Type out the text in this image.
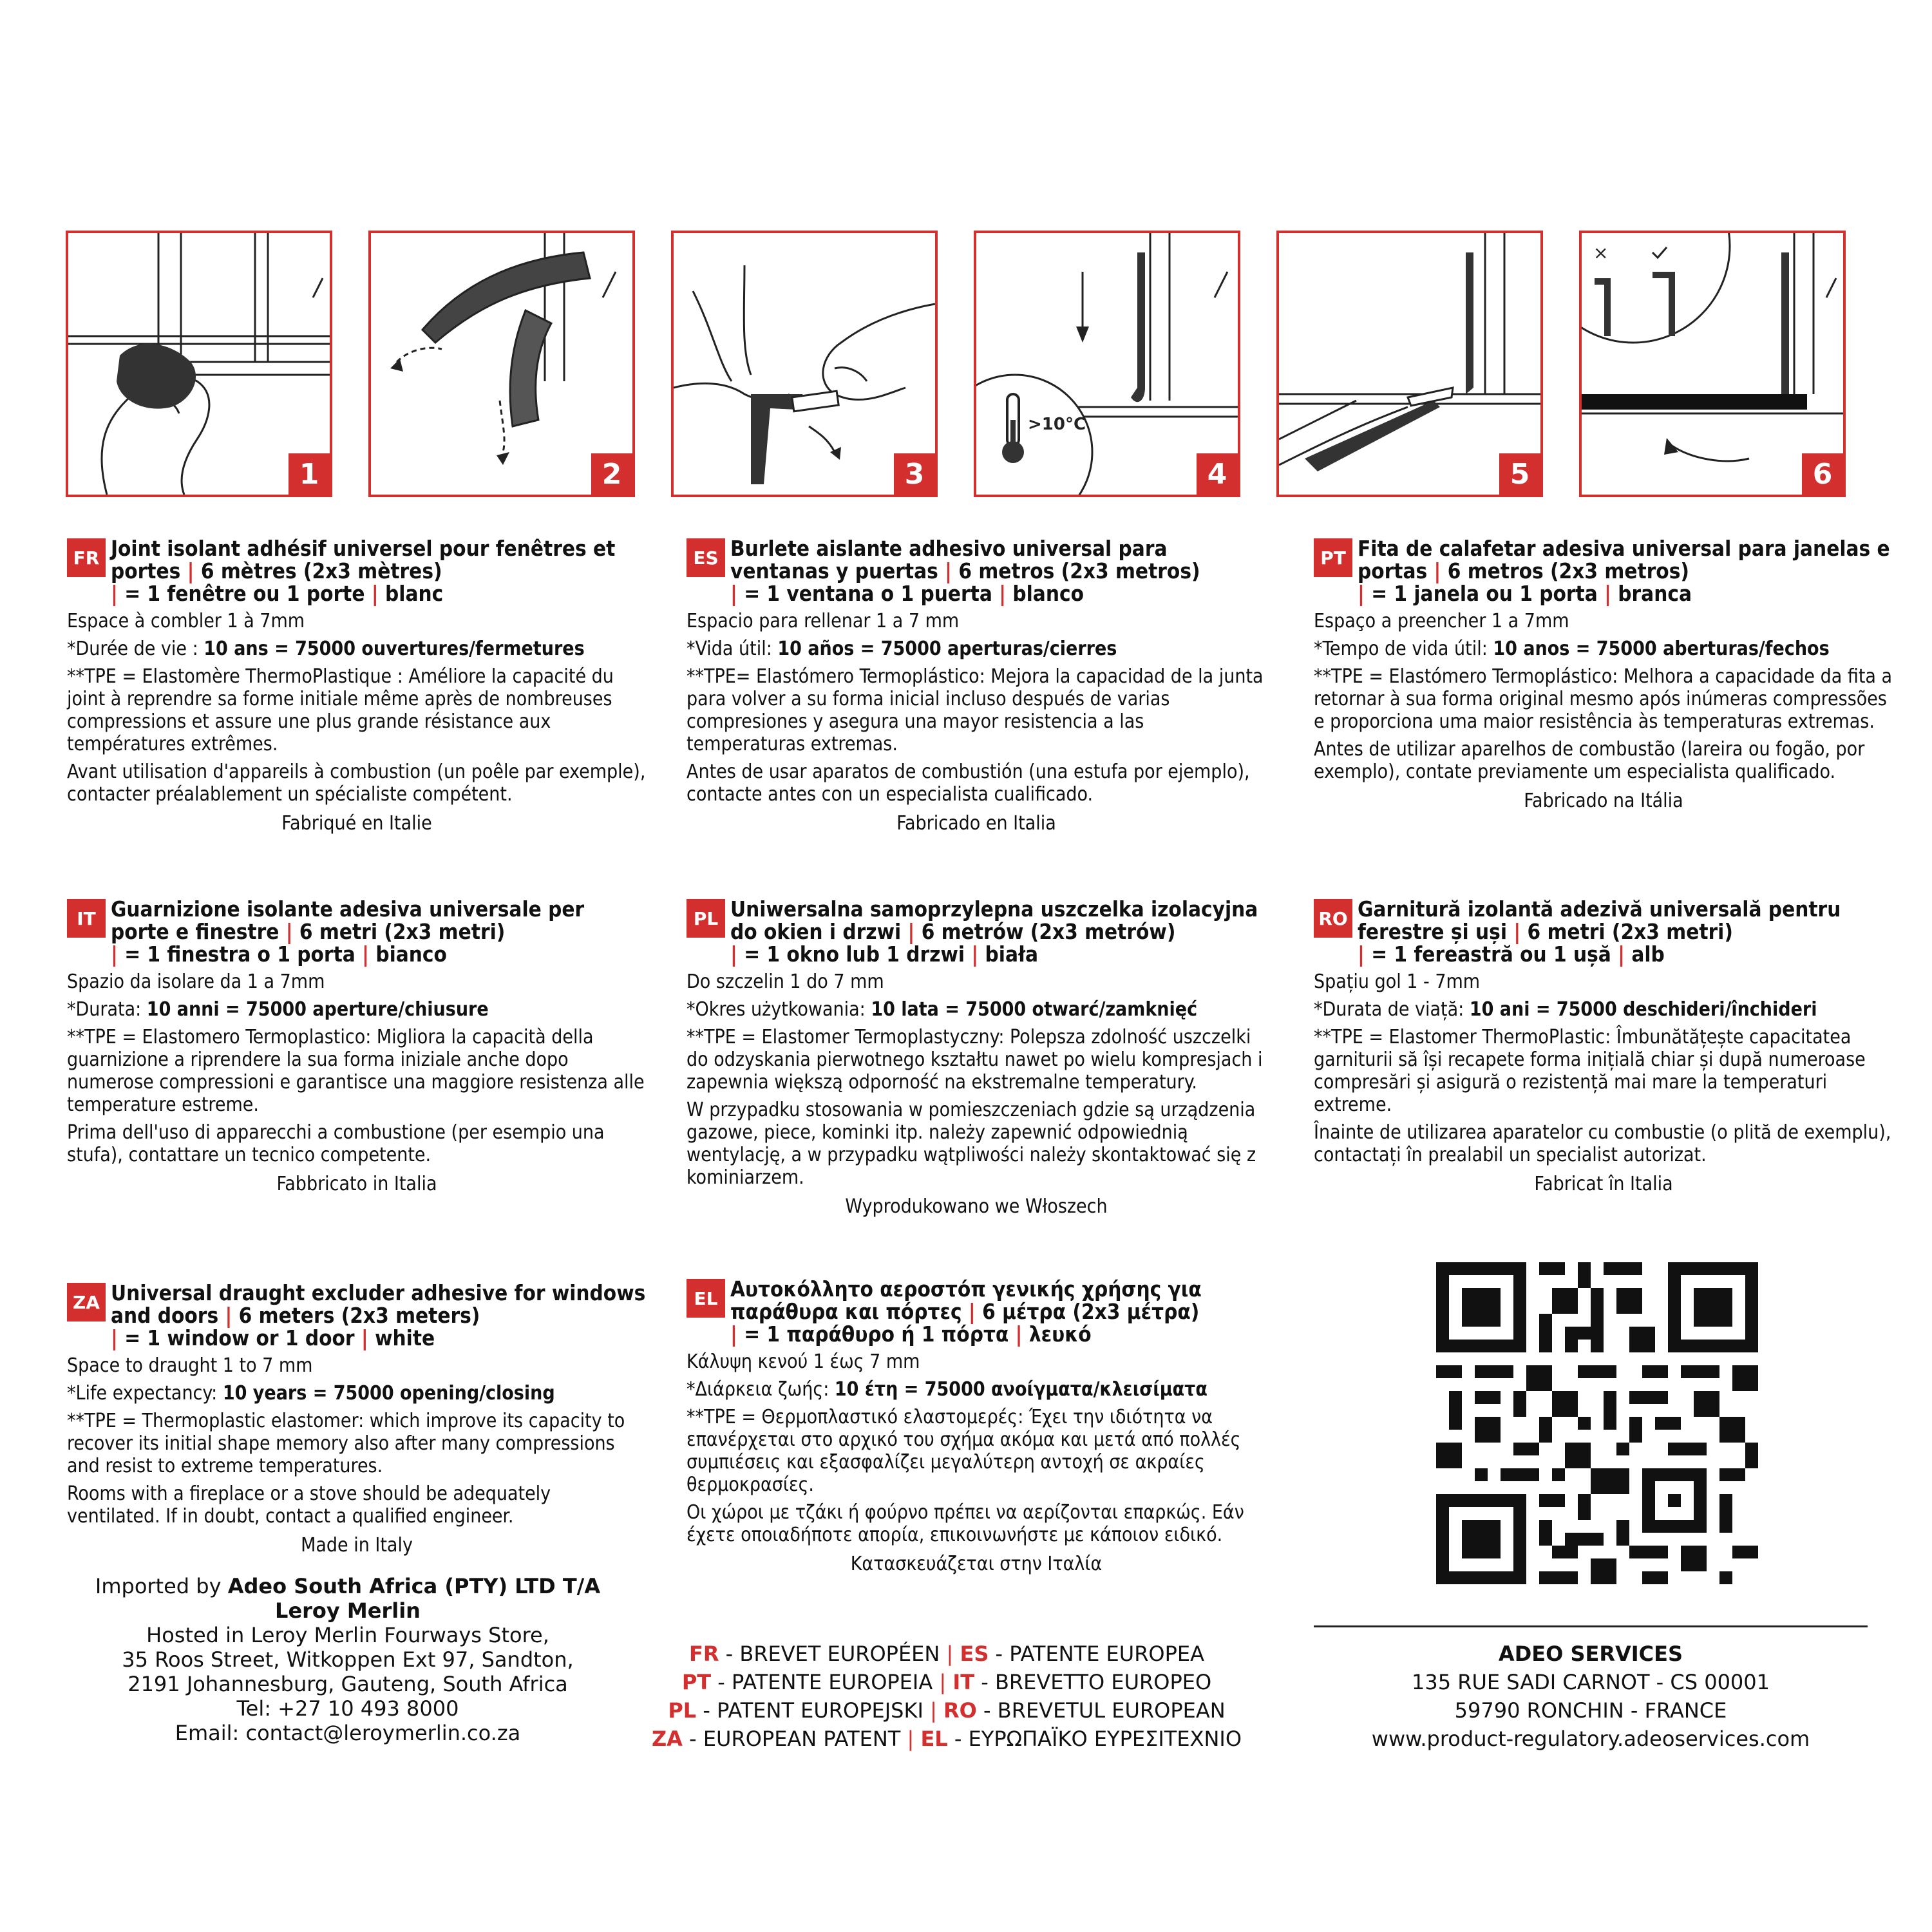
1	2	3
>10°C
4	5
×
6
FR Joint isolant adhésif universel pour fenêtres et portes | 6 mètres (2x3 mètres)
| = 1 fenêtre ou 1 porte | blanc

Espace à combler 1 à 7mm

*Durée de vie : 10 ans = 75000 ouvertures/fermetures

**TPE = Elastomère ThermoPlastique : Améliore la capacité du joint à reprendre sa forme initiale même après de nombreuses compressions et assure une plus grande résistance aux températures extrêmes.

Avant utilisation d'appareils à combustion (un poêle par exemple), contacter préalablement un spécialiste compétent.

Fabriqué en Italie

ES Burlete aislante adhesivo universal para ventanas y puertas | 6 metros (2x3 metros)
| = 1 ventana o 1 puerta | blanco

Espacio para rellenar 1 a 7 mm

*Vida útil: 10 años = 75000 aperturas/cierres

**TPE= Elastómero Termoplástico: Mejora la capacidad de la junta para volver a su forma inicial incluso después de varias compresiones y asegura una mayor resistencia a las temperaturas extremas.

Antes de usar aparatos de combustión (una estufa por ejemplo), contacte antes con un especialista cualificado.

Fabricado en Italia

PT Fita de calafetar adesiva universal para janelas e portas | 6 metros (2x3 metros)
| = 1 janela ou 1 porta | branca

Espaço a preencher 1 a 7mm

*Tempo de vida útil: 10 anos = 75000 aberturas/fechos

**TPE = Elastómero Termoplástico: Melhora a capacidade da fita a retornar à sua forma original mesmo após inúmeras compressões e proporciona uma maior resistência às temperaturas extremas.

Antes de utilizar aparelhos de combustão (lareira ou fogão, por exemplo), contate previamente um especialista qualificado.

Fabricado na Itália

IT Guarnizione isolante adesiva universale per porte e finestre | 6 metri (2x3 metri)
| = 1 finestra o 1 porta | bianco

Spazio da isolare da 1 a 7mm

*Durata: 10 anni = 75000 aperture/chiusure

**TPE = Elastomero Termoplastico: Migliora la capacità della guarnizione a riprendere la sua forma iniziale anche dopo numerose compressioni e garantisce una maggiore resistenza alle temperature estreme.

Prima dell'uso di apparecchi a combustione (per esempio una stufa), contattare un tecnico competente.

Fabbricato in Italia

PL Uniwersalna samoprzylepna uszczelka izolacyjna do okien i drzwi | 6 metrów (2x3 metrów)
| = 1 okno lub 1 drzwi | biała

Do szczelin 1 do 7 mm

*Okres użytkowania: 10 lata = 75000 otwarć/zamknięć

**TPE = Elastomer Termoplastyczny: Polepsza zdolność uszczelki do odzyskania pierwotnego kształtu nawet po wielu kompresjach i zapewnia większą odporność na ekstremalne temperatury.

W przypadku stosowania w pomieszczeniach gdzie są urządzenia gazowe, piece, kominki itp. należy zapewnić odpowiednią wentylację, a w przypadku wątpliwości należy skontaktować się z kominiarzem.

Wyprodukowano we Włoszech

RO Garnitură izolantă adezivă universală pentru ferestre și uși | 6 metri (2x3 metri)
| = 1 fereastră ou 1 ușă | alb

Spațiu gol 1 - 7mm

*Durata de viață: 10 ani = 75000 deschideri/închideri

**TPE = Elastomer ThermoPlastic: Îmbunătățește capacitatea garniturii să își recapete forma inițială chiar și după numeroase compresări și asigură o rezistență mai mare la temperaturi extreme.

Înainte de utilizarea aparatelor cu combustie (o plită de exemplu), contactați în prealabil un specialist autorizat.

Fabricat în Italia

ZA Universal draught excluder adhesive for windows and doors | 6 meters (2x3 meters)
| = 1 window or 1 door | white

Space to draught 1 to 7 mm

*Life expectancy: 10 years = 75000 opening/closing

**TPE = Thermoplastic elastomer: which improve its capacity to recover its initial shape memory also after many compressions and resist to extreme temperatures.

Rooms with a fireplace or a stove should be adequately ventilated. If in doubt, contact a qualified engineer.

Made in Italy

EL Αυτοκόλλητο αεροστόπ γενικής χρήσης για παράθυρα και πόρτες | 6 μέτρα (2x3 μέτρα)
| = 1 παράθυρο ή 1 πόρτα | λευκό

Κάλυψη κενού 1 έως 7 mm

*Διάρκεια ζωής: 10 έτη = 75000 ανοίγματα/κλεισίματα

**TPE = Θερμοπλαστικό ελαστομερές: Έχει την ιδιότητα να επανέρχεται στο αρχικό του σχήμα ακόμα και μετά από πολλές συμπιέσεις και εξασφαλίζει μεγαλύτερη αντοχή σε ακραίες θερμοκρασίες.

Οι χώροι με τζάκι ή φούρνο πρέπει να αερίζονται επαρκώς. Εάν έχετε οποιαδήποτε απορία, επικοινωνήστε με κάποιον ειδικό.

Κατασκευάζεται στην Ιταλία

Imported by Adeo South Africa (PTY) LTD T/A Leroy Merlin
Hosted in Leroy Merlin Fourways Store,
35 Roos Street, Witkoppen Ext 97, Sandton,
2191 Johannesburg, Gauteng, South Africa
Tel: +27 10 493 8000
Email: contact@leroymerlin.co.za
FR - BREVET EUROPÉEN | ES - PATENTE EUROPEA
PT - PATENTE EUROPEIA | IT - BREVETTO EUROPEO
PL - PATENT EUROPEJSKI | RO - BREVETUL EUROPEAN
ZA - EUROPEAN PATENT | EL - ΕΥΡΩΠΑΪΚΟ ΕΥΡΕΣΙΤΕΧΝΙΟ
ADEO SERVICES
135 RUE SADI CARNOT - CS 00001
59790 RONCHIN - FRANCE
www.product-regulatory.adeoservices.com
